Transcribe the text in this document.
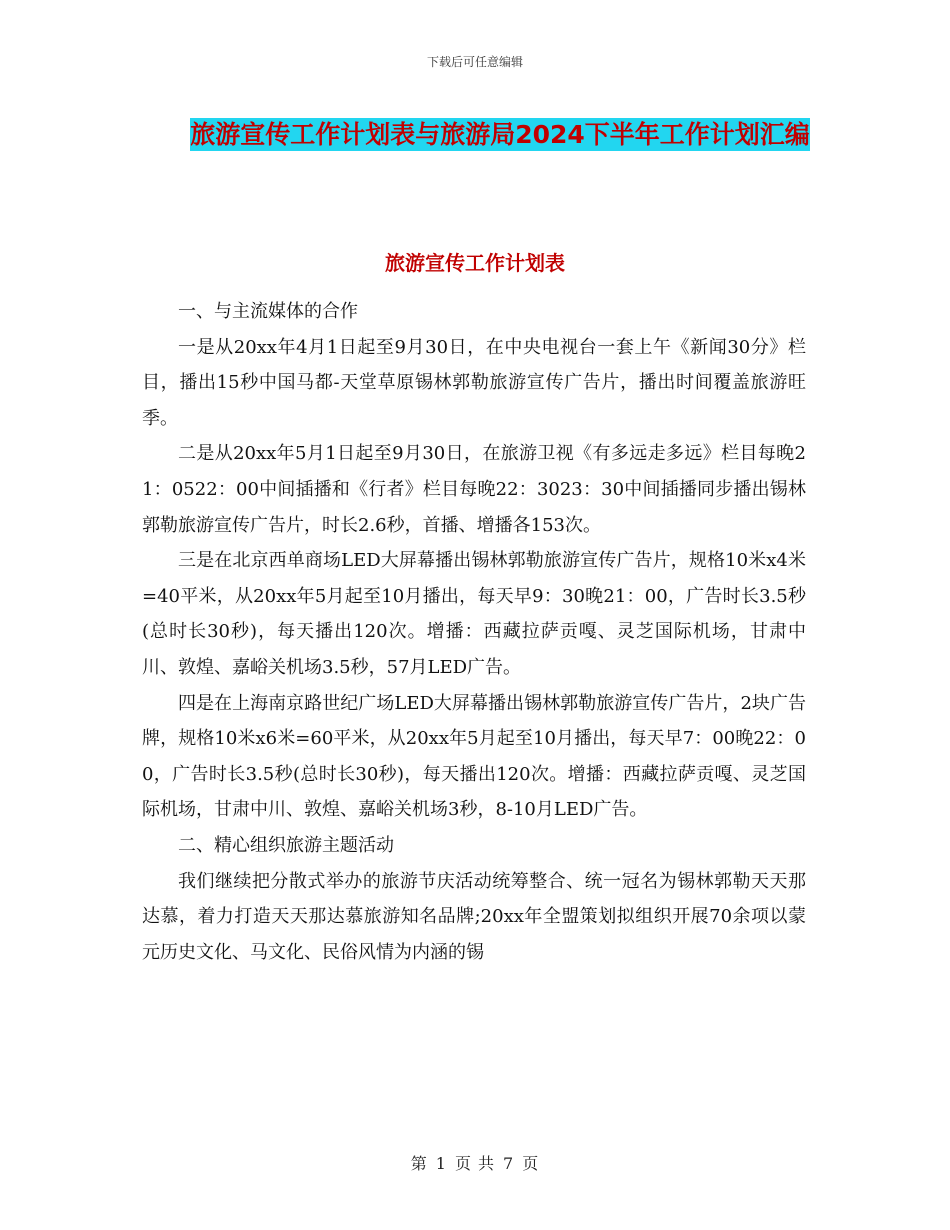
下载后可任意编辑
旅游宣传工作计划表与旅游局2024下半年工作计划汇编
旅游宣传工作计划表

一、与主流媒体的合作

一是从20xx年4月1日起至9月30日，在中央电视台一套上午《新闻30分》栏目，播出15秒中国马都-天堂草原锡林郭勒旅游宣传广告片，播出时间覆盖旅游旺季。

二是从20xx年5月1日起至9月30日，在旅游卫视《有多远走多远》栏目每晚21：0522：00中间插播和《行者》栏目每晚22：3023：30中间插播同步播出锡林郭勒旅游宣传广告片，时长2.6秒，首播、增播各153次。

三是在北京西单商场LED大屏幕播出锡林郭勒旅游宣传广告片，规格10米x4米=40平米，从20xx年5月起至10月播出，每天早9：30晚21：00，广告时长3.5秒(总时长30秒)，每天播出120次。增播：西藏拉萨贡嘎、灵芝国际机场，甘肃中川、敦煌、嘉峪关机场3.5秒，57月LED广告。

四是在上海南京路世纪广场LED大屏幕播出锡林郭勒旅游宣传广告片，2块广告牌，规格10米x6米=60平米，从20xx年5月起至10月播出，每天早7：00晚22：00，广告时长3.5秒(总时长30秒)，每天播出120次。增播：西藏拉萨贡嘎、灵芝国际机场，甘肃中川、敦煌、嘉峪关机场3秒，8-10月LED广告。

二、精心组织旅游主题活动

我们继续把分散式举办的旅游节庆活动统筹整合、统一冠名为锡林郭勒天天那达慕，着力打造天天那达慕旅游知名品牌;20xx年全盟策划拟组织开展70余项以蒙元历史文化、马文化、民俗风情为内涵的锡

第 1 页 共 7 页
